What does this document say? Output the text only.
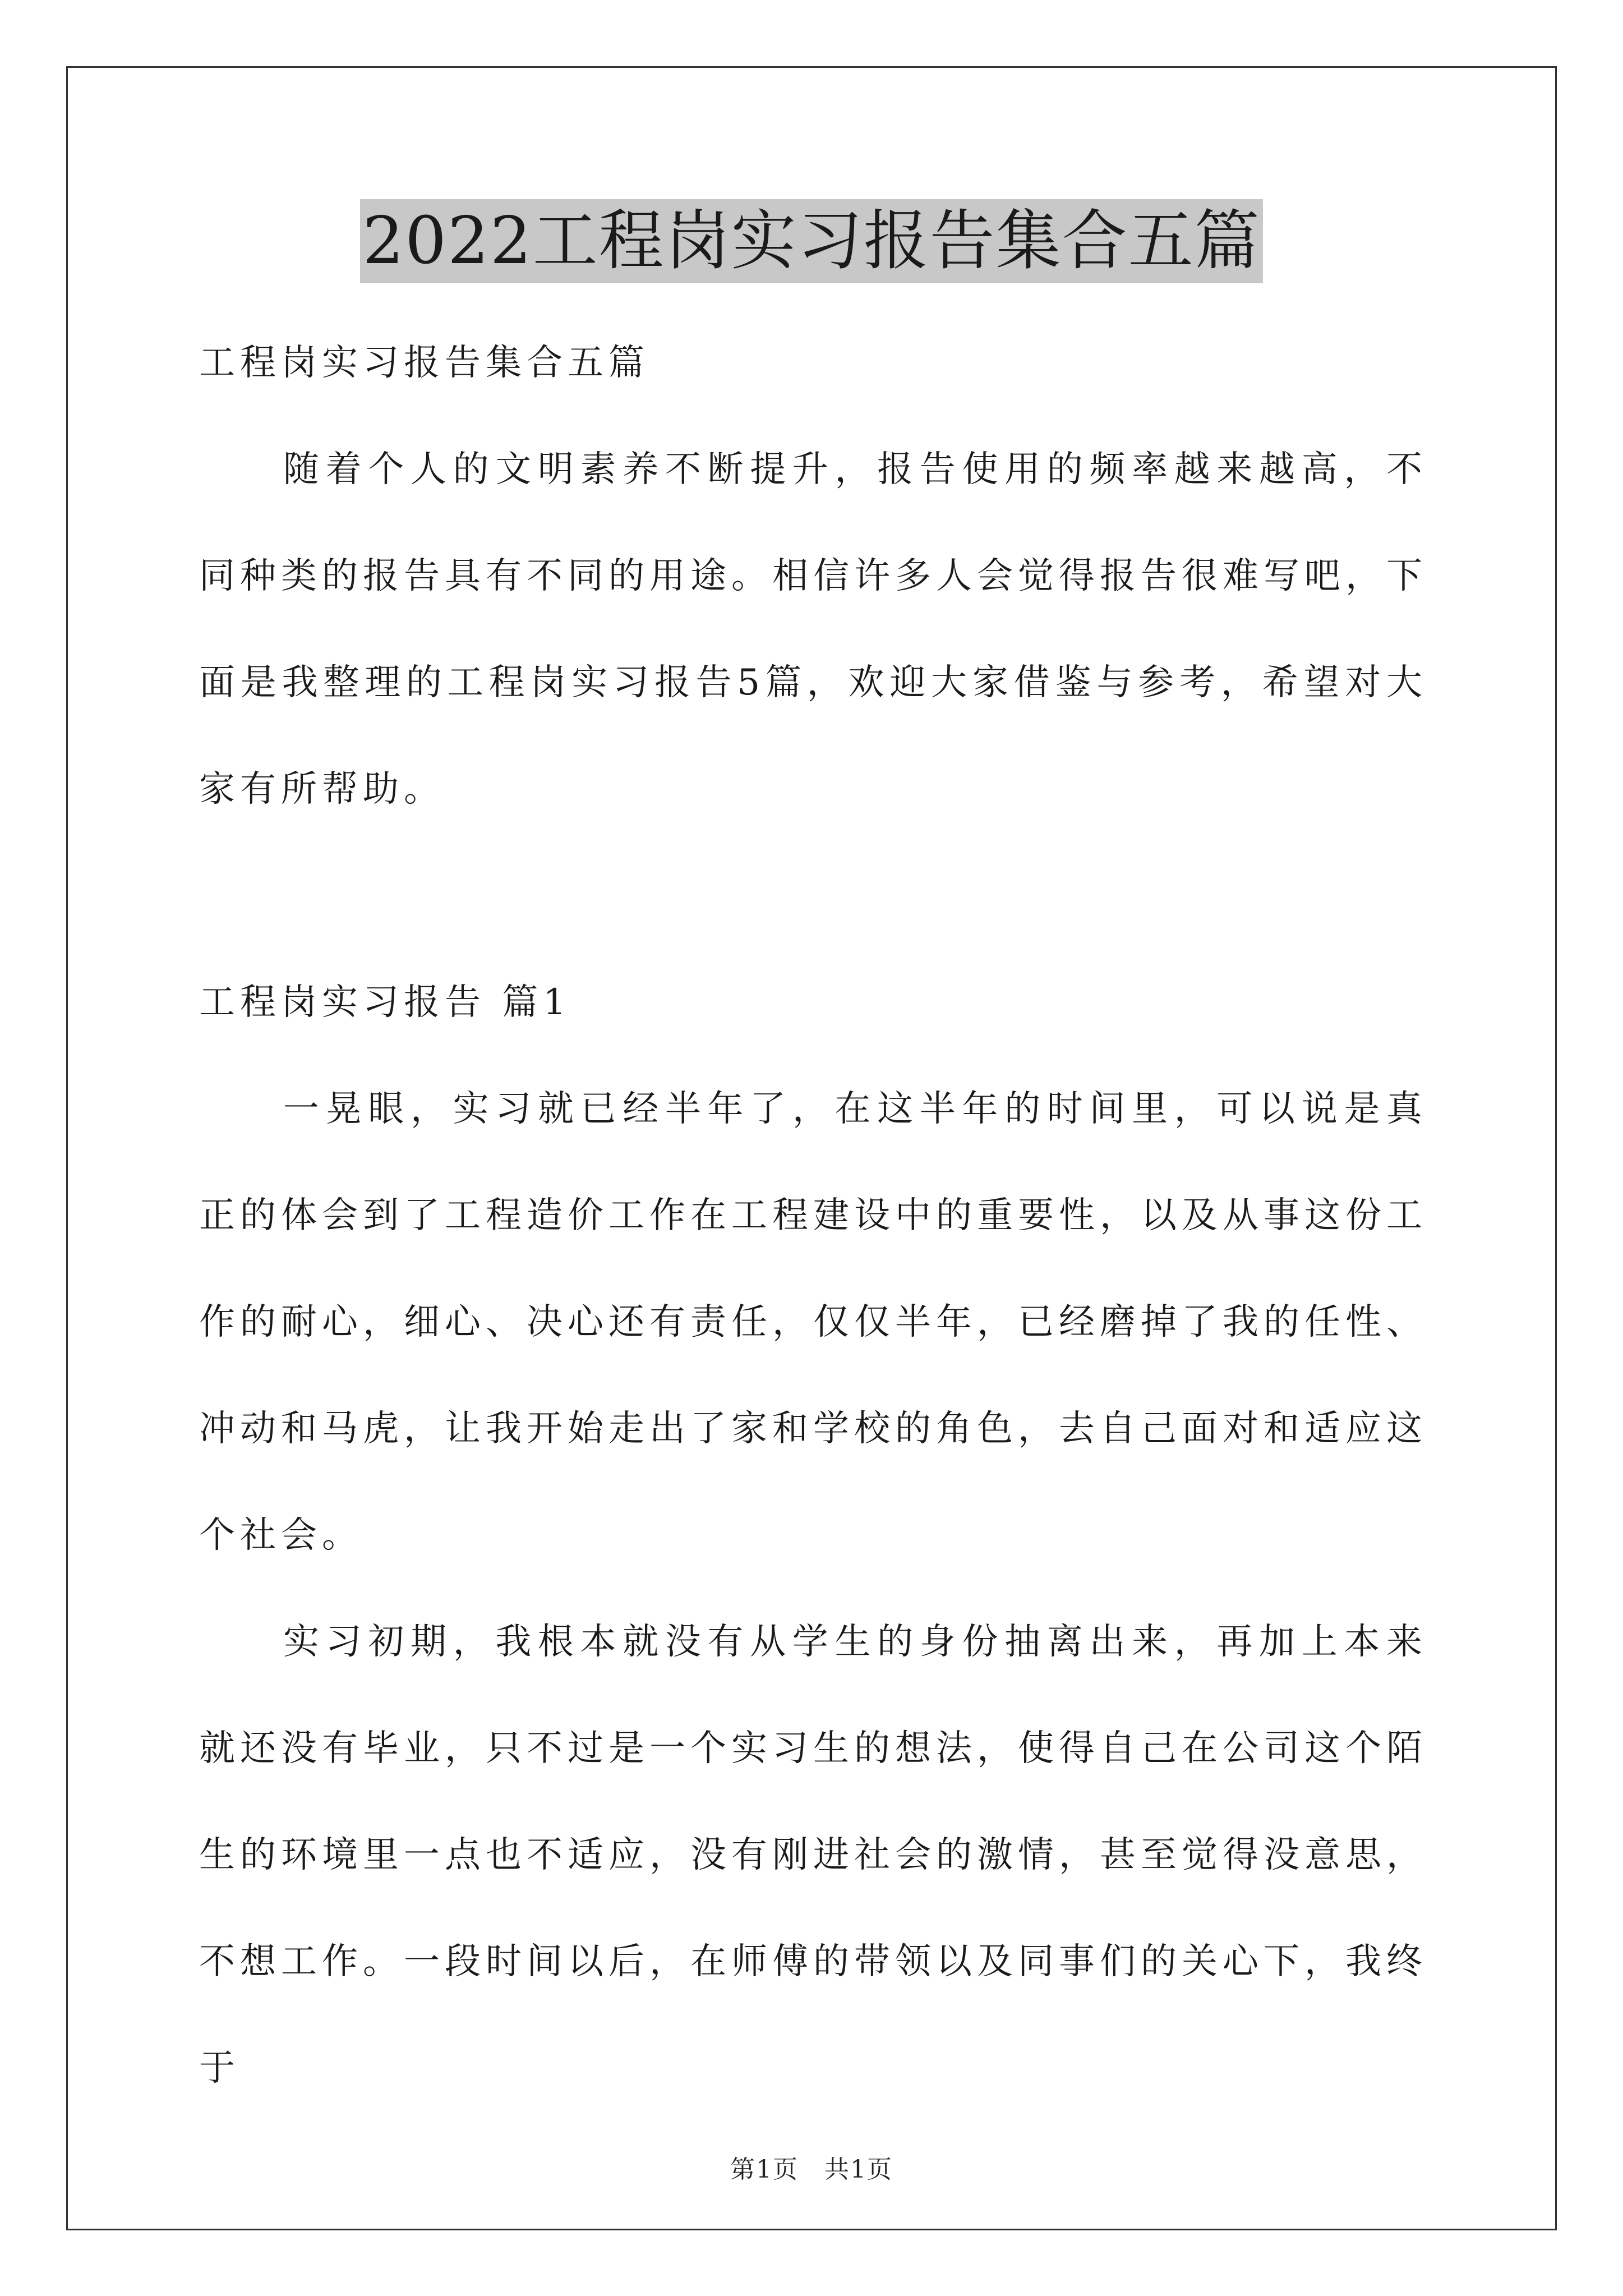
2022工程岗实习报告集合五篇

工程岗实习报告集合五篇

随着个人的文明素养不断提升，报告使用的频率越来越高，不同种类的报告具有不同的用途。相信许多人会觉得报告很难写吧，下面是我整理的工程岗实习报告5篇，欢迎大家借鉴与参考，希望对大家有所帮助。

工程岗实习报告 篇1

一晃眼，实习就已经半年了，在这半年的时间里，可以说是真正的体会到了工程造价工作在工程建设中的重要性，以及从事这份工作的耐心，细心、决心还有责任，仅仅半年，已经磨掉了我的任性、冲动和马虎，让我开始走出了家和学校的角色，去自己面对和适应这个社会。

实习初期，我根本就没有从学生的身份抽离出来，再加上本来就还没有毕业，只不过是一个实习生的想法，使得自己在公司这个陌生的环境里一点也不适应，没有刚进社会的激情，甚至觉得没意思，不想工作。一段时间以后，在师傅的带领以及同事们的关心下，我终于

第1页　共1页
